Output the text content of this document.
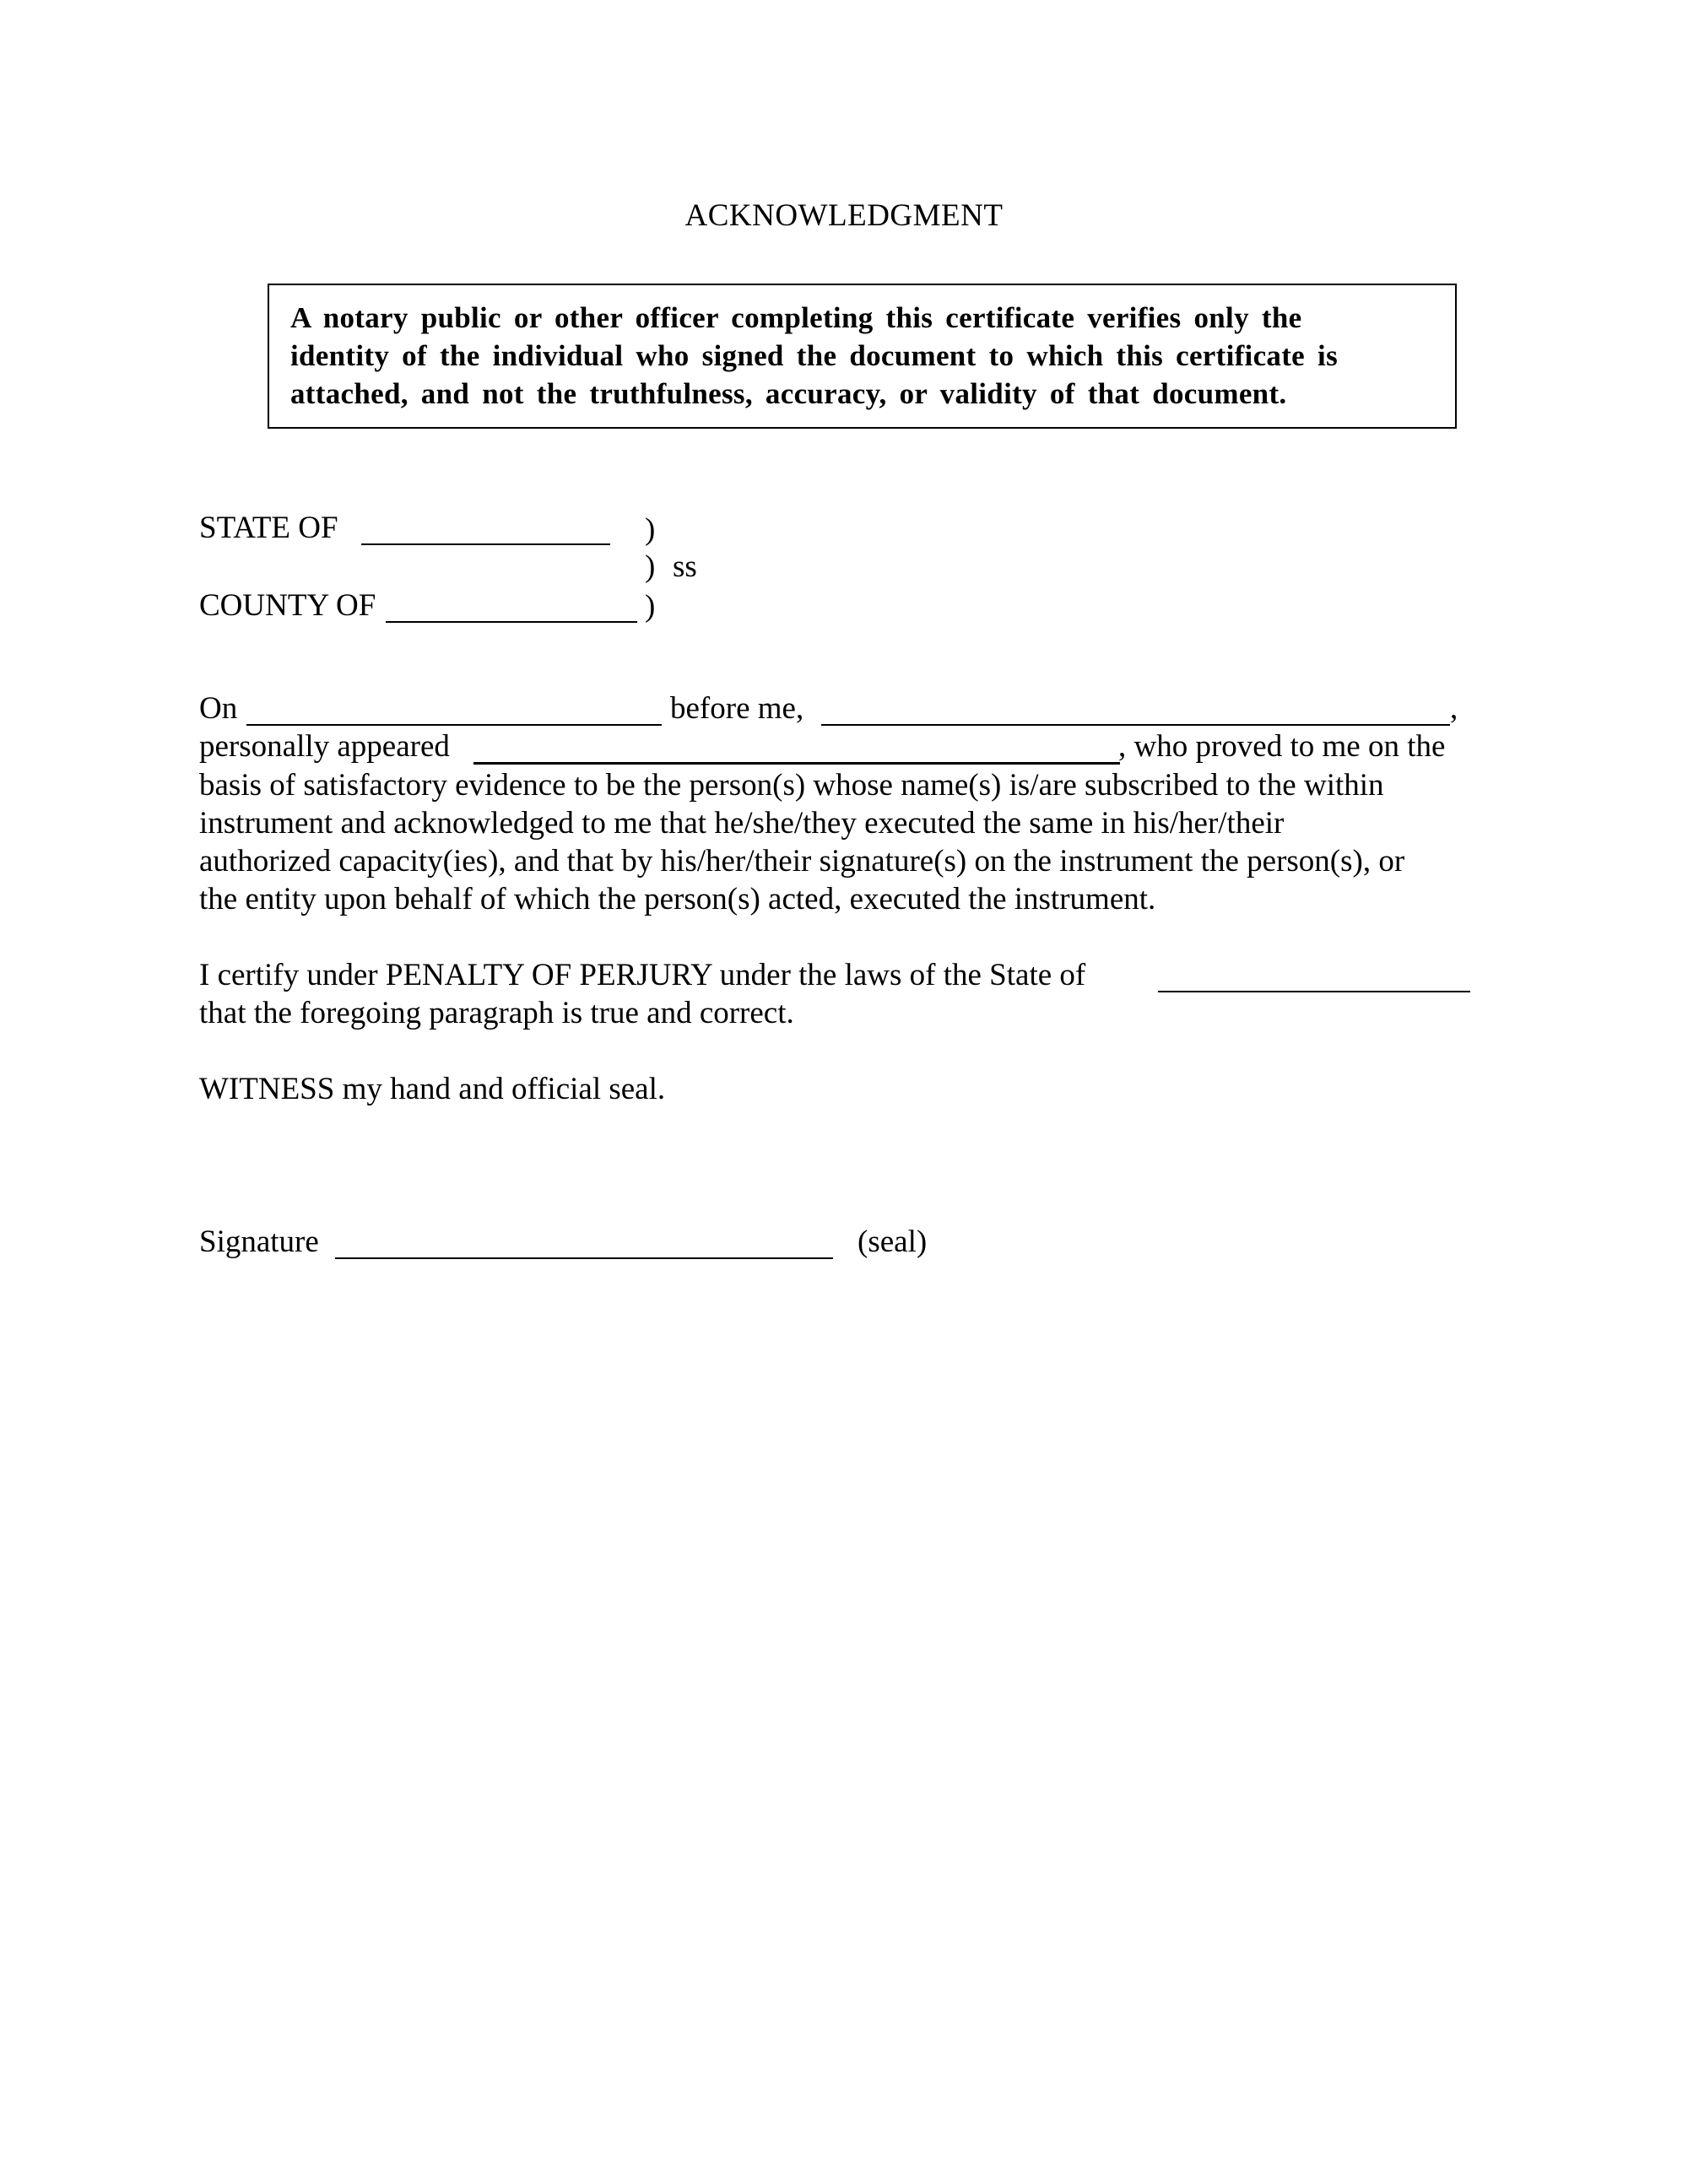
ACKNOWLEDGMENT
A notary public or other officer completing this certificate verifies only the
identity of the individual who signed the document to which this certificate is
attached, and not the truthfulness, accuracy, or validity of that document.
STATE OF	)
) ss
COUNTY OF	)
On	before me,	,
personally appeared	, who proved to me on the
basis of satisfactory evidence to be the person(s) whose name(s) is/are subscribed to the within
instrument and acknowledged to me that he/she/they executed the same in his/her/their
authorized capacity(ies), and that by his/her/their signature(s) on the instrument the person(s), or
the entity upon behalf of which the person(s) acted, executed the instrument.
I certify under PENALTY OF PERJURY under the laws of the State of
that the foregoing paragraph is true and correct.
WITNESS my hand and official seal.
Signature	(seal)
